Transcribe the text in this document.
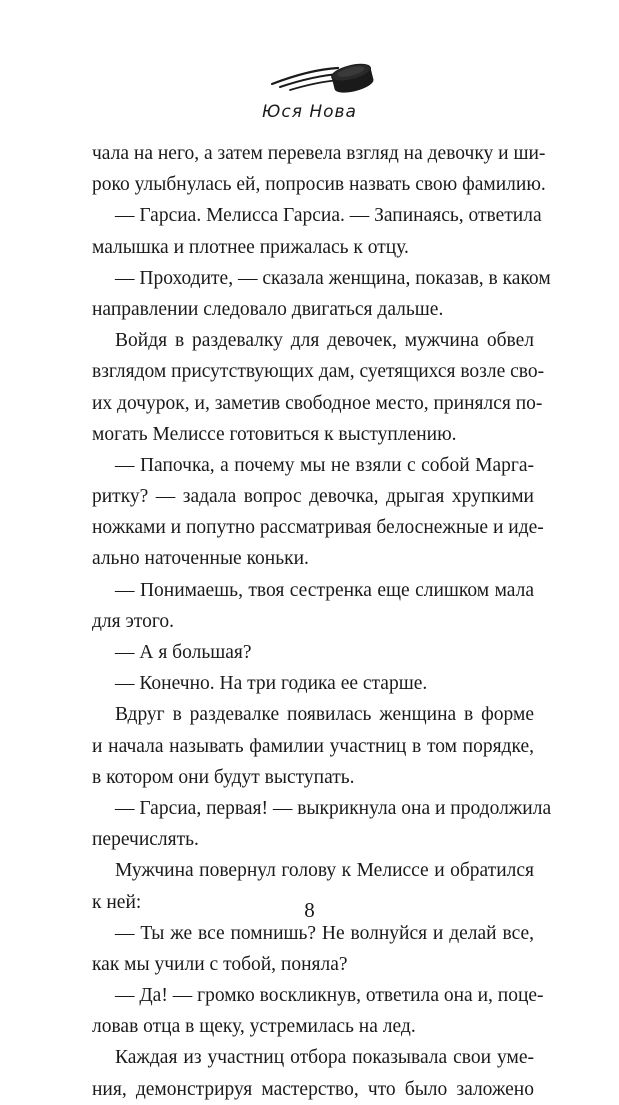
Юся Нова
чала на него, а затем перевела взгляд на девочку и ши-
роко улыбнулась ей, попросив назвать свою фамилию.
— Гарсиа. Мелисса Гарсиа. — Запинаясь, ответила
малышка и плотнее прижалась к отцу.
— Проходите, — сказала женщина, показав, в каком
направлении следовало двигаться дальше.
Войдя в раздевалку для девочек, мужчина обвел
взглядом присутствующих дам, суетящихся возле сво-
их дочурок, и, заметив свободное место, принялся по-
могать Мелиссе готовиться к выступлению.
— Папочка, а почему мы не взяли с собой Марга-
ритку? — задала вопрос девочка, дрыгая хрупкими
ножками и попутно рассматривая белоснежные и иде-
ально наточенные коньки.
— Понимаешь, твоя сестренка еще слишком мала
для этого.
— А я большая?
— Конечно. На три годика ее старше.
Вдруг в раздевалке появилась женщина в форме
и начала называть фамилии участниц в том порядке,
в котором они будут выступать.
— Гарсиа, первая! — выкрикнула она и продолжила
перечислять.
Мужчина повернул голову к Мелиссе и обратился
к ней:
— Ты же все помнишь? Не волнуйся и делай все,
как мы учили с тобой, поняла?
— Да! — громко воскликнув, ответила она и, поце-
ловав отца в щеку, устремилась на лед.
Каждая из участниц отбора показывала свои уме-
ния, демонстрируя мастерство, что было заложено
8
